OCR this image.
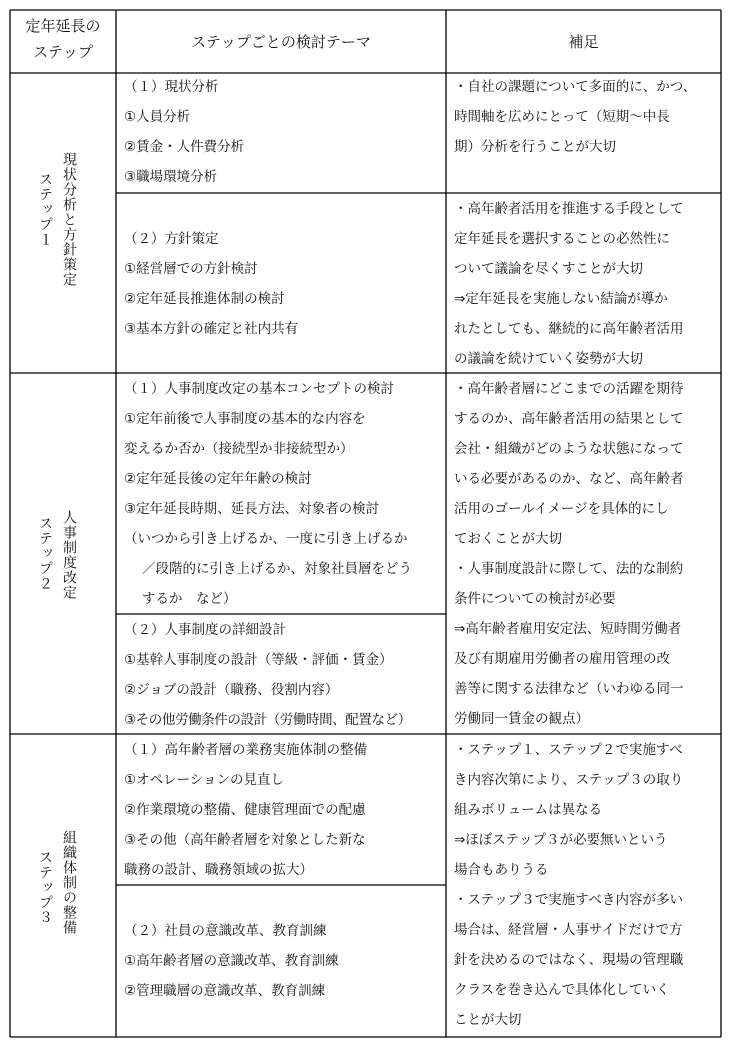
定年延長の
ステップ
ステップごとの検討テーマ	補足
現状分析と方針策定
ステップ１
（１）現状分析
①人員分析
②賃金・人件費分析
③職場環境分析
（２）方針策定
①経営層での方針検討
②定年延長推進体制の検討
③基本方針の確定と社内共有
・自社の課題について多面的に、かつ、
時間軸を広めにとって（短期～中長
期）分析を行うことが大切
・高年齢者活用を推進する手段として
定年延長を選択することの必然性に
ついて議論を尽くすことが大切
⇒定年延長を実施しない結論が導か
れたとしても、継続的に高年齢者活用
の議論を続けていく姿勢が大切
人事制度改定
ステップ２
（１）人事制度改定の基本コンセプトの検討
①定年前後で人事制度の基本的な内容を
変えるか否か（接続型か非接続型か）
②定年延長後の定年年齢の検討
③定年延長時期、延長方法、対象者の検討
（いつから引き上げるか、一度に引き上げるか
／段階的に引き上げるか、対象社員層をどう
するか　など）
（２）人事制度の詳細設計
①基幹人事制度の設計（等級・評価・賃金）
②ジョブの設計（職務、役割内容）
③その他労働条件の設計（労働時間、配置など）
・高年齢者層にどこまでの活躍を期待
するのか、高年齢者活用の結果として
会社・組織がどのような状態になって
いる必要があるのか、など、高年齢者
活用のゴールイメージを具体的にし
ておくことが大切
・人事制度設計に際して、法的な制約
条件についての検討が必要
⇒高年齢者雇用安定法、短時間労働者
及び有期雇用労働者の雇用管理の改
善等に関する法律など（いわゆる同一
労働同一賃金の観点）
組織体制の整備
ステップ３
（１）高年齢者層の業務実施体制の整備
①オペレーションの見直し
②作業環境の整備、健康管理面での配慮
③その他（高年齢者層を対象とした新な
職務の設計、職務領域の拡大）
（２）社員の意識改革、教育訓練
①高年齢者層の意識改革、教育訓練
②管理職層の意識改革、教育訓練
・ステップ１、ステップ２で実施すべ
き内容次第により、ステップ３の取り
組みボリュームは異なる
⇒ほぼステップ３が必要無いという
場合もありうる
・ステップ３で実施すべき内容が多い
場合は、経営層・人事サイドだけで方
針を決めるのではなく、現場の管理職
クラスを巻き込んで具体化していく
ことが大切
